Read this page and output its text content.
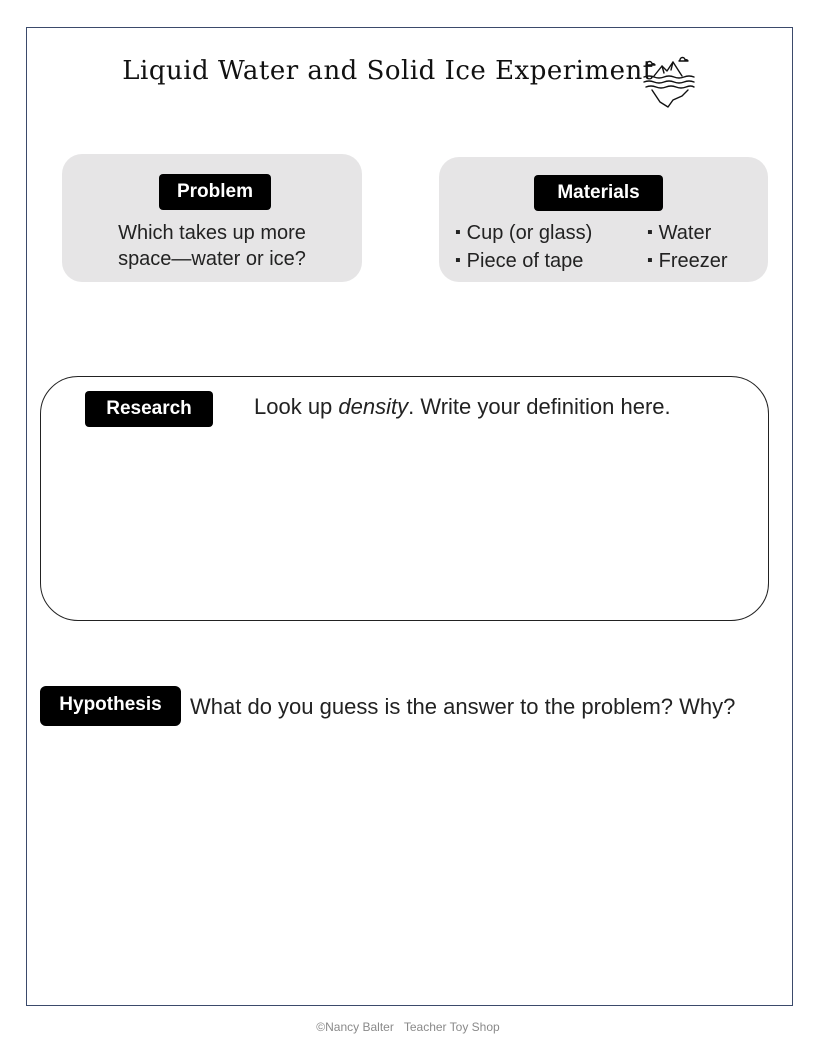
Liquid Water and Solid Ice Experiment
Problem
Which takes up more
space—water or ice?
Materials
▪ Cup (or glass)
▪ Piece of tape
▪ Water
▪ Freezer
Research	Look up density. Write your definition here.
Hypothesis	What do you guess is the answer to the problem? Why?
©Nancy Balter Teacher Toy Shop
